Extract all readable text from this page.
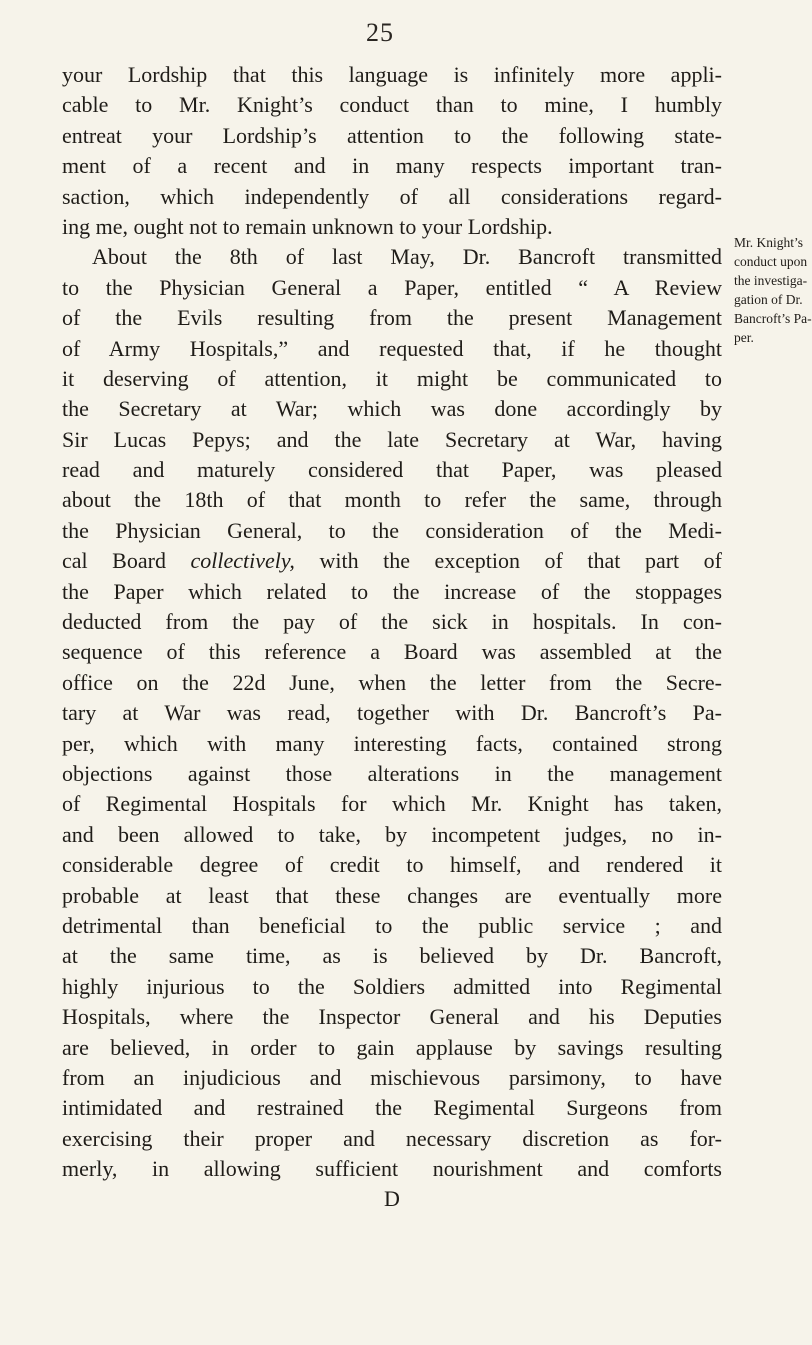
25
your Lordship that this language is infinitely more appli-
cable to Mr. Knight’s conduct than to mine, I humbly
entreat your Lordship’s attention to the following state-
ment of a recent and in many respects important tran-
saction, which independently of all considerations regard-
ing me, ought not to remain unknown to your Lordship.
About the 8th of last May, Dr. Bancroft transmitted
to the Physician General a Paper, entitled “ A Review
of the Evils resulting from the present Management
of Army Hospitals,” and requested that, if he thought
it deserving of attention, it might be communicated to
the Secretary at War; which was done accordingly by
Sir Lucas Pepys; and the late Secretary at War, having
read and maturely considered that Paper, was pleased
about the 18th of that month to refer the same, through
the Physician General, to the consideration of the Medi-
cal Board collectively, with the exception of that part of
the Paper which related to the increase of the stoppages
deducted from the pay of the sick in hospitals. In con-
sequence of this reference a Board was assembled at the
office on the 22d June, when the letter from the Secre-
tary at War was read, together with Dr. Bancroft’s Pa-
per, which with many interesting facts, contained strong
objections against those alterations in the management
of Regimental Hospitals for which Mr. Knight has taken,
and been allowed to take, by incompetent judges, no in-
considerable degree of credit to himself, and rendered it
probable at least that these changes are eventually more
detrimental than beneficial to the public service ; and
at the same time, as is believed by Dr. Bancroft,
highly injurious to the Soldiers admitted into Regimental
Hospitals, where the Inspector General and his Deputies
are believed, in order to gain applause by savings resulting
from an injudicious and mischievous parsimony, to have
intimidated and restrained the Regimental Surgeons from
exercising their proper and necessary discretion as for-
merly, in allowing sufficient nourishment and comforts
D
Mr. Knight’s
conduct upon
the investiga-
gation of Dr.
Bancroft’s Pa-
per.
